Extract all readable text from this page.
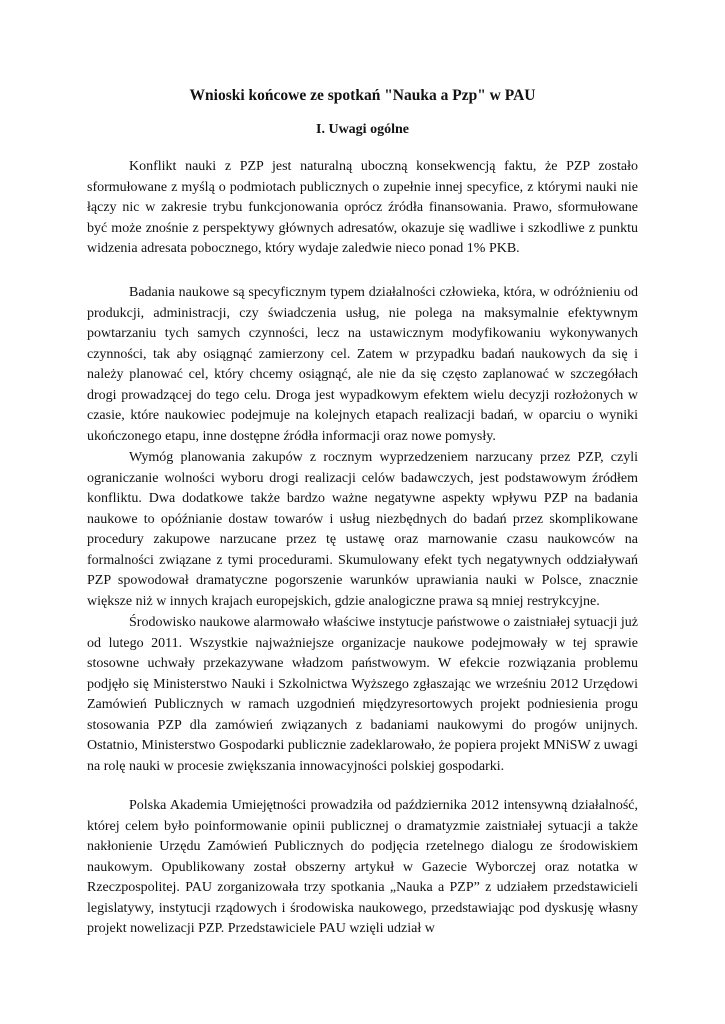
Wnioski końcowe ze spotkań "Nauka a Pzp" w PAU
I. Uwagi ogólne

Konflikt nauki z PZP jest naturalną uboczną konsekwencją faktu, że PZP zostało sformułowane z myślą o podmiotach publicznych o zupełnie innej specyfice, z którymi nauki nie łączy nic w zakresie trybu funkcjonowania oprócz źródła finansowania. Prawo, sformułowane być może znośnie z perspektywy głównych adresatów, okazuje się wadliwe i szkodliwe z punktu widzenia adresata pobocznego, który wydaje zaledwie nieco ponad 1% PKB.

Badania naukowe są specyficznym typem działalności człowieka, która, w odróżnieniu od produkcji, administracji, czy świadczenia usług, nie polega na maksymalnie efektywnym powtarzaniu tych samych czynności, lecz na ustawicznym modyfikowaniu wykonywanych czynności, tak aby osiągnąć zamierzony cel. Zatem w przypadku badań naukowych da się i należy planować cel, który chcemy osiągnąć, ale nie da się często zaplanować w szczegółach drogi prowadzącej do tego celu. Droga jest wypadkowym efektem wielu decyzji rozłożonych w czasie, które naukowiec podejmuje na kolejnych etapach realizacji badań, w oparciu o wyniki ukończonego etapu, inne dostępne źródła informacji oraz nowe pomysły.

Wymóg planowania zakupów z rocznym wyprzedzeniem narzucany przez PZP, czyli ograniczanie wolności wyboru drogi realizacji celów badawczych, jest podstawowym źródłem konfliktu. Dwa dodatkowe także bardzo ważne negatywne aspekty wpływu PZP na badania naukowe to opóźnianie dostaw towarów i usług niezbędnych do badań przez skomplikowane procedury zakupowe narzucane przez tę ustawę oraz marnowanie czasu naukowców na formalności związane z tymi procedurami. Skumulowany efekt tych negatywnych oddziaływań PZP spowodował dramatyczne pogorszenie warunków uprawiania nauki w Polsce, znacznie większe niż w innych krajach europejskich, gdzie analogiczne prawa są mniej restrykcyjne.

Środowisko naukowe alarmowało właściwe instytucje państwowe o zaistniałej sytuacji już od lutego 2011. Wszystkie najważniejsze organizacje naukowe podejmowały w tej sprawie stosowne uchwały przekazywane władzom państwowym. W efekcie rozwiązania problemu podjęło się Ministerstwo Nauki i Szkolnictwa Wyższego zgłaszając we wrześniu 2012 Urzędowi Zamówień Publicznych w ramach uzgodnień międzyresortowych projekt podniesienia progu stosowania PZP dla zamówień związanych z badaniami naukowymi do progów unijnych. Ostatnio, Ministerstwo Gospodarki publicznie zadeklarowało, że popiera projekt MNiSW z uwagi na rolę nauki w procesie zwiększania innowacyjności polskiej gospodarki.

Polska Akademia Umiejętności prowadziła od października 2012 intensywną działalność, której celem było poinformowanie opinii publicznej o dramatyzmie zaistniałej sytuacji a także nakłonienie Urzędu Zamówień Publicznych do podjęcia rzetelnego dialogu ze środowiskiem naukowym. Opublikowany został obszerny artykuł w Gazecie Wyborczej oraz notatka w Rzeczpospolitej. PAU zorganizowała trzy spotkania „Nauka a PZP” z udziałem przedstawicieli legislatywy, instytucji rządowych i środowiska naukowego, przedstawiając pod dyskusję własny projekt nowelizacji PZP. Przedstawiciele PAU wzięli udział w
